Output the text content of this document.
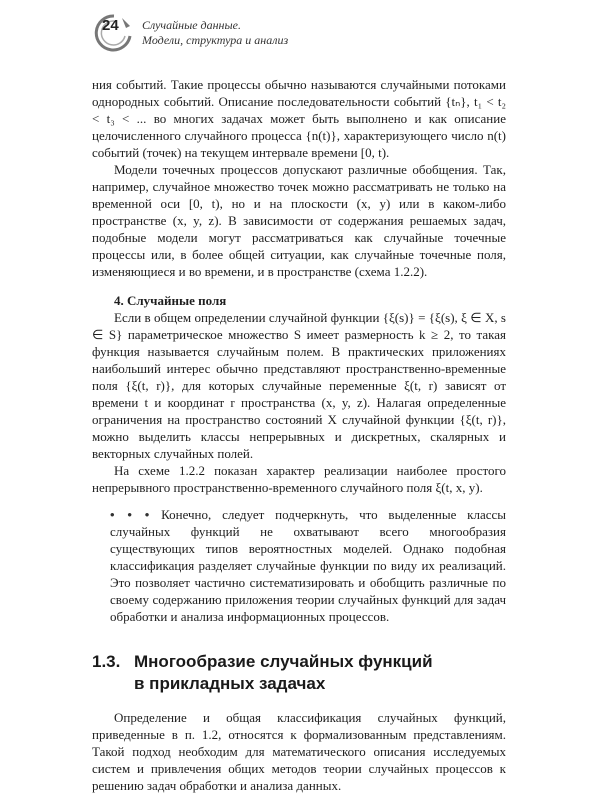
24 Случайные данные.
Модели, структура и анализ

ния событий. Такие процессы обычно называются случайными потоками однородных событий. Описание последовательности событий {tₙ}, t₁ < t₂ < t₃ < ... во многих задачах может быть выполнено и как описание целочисленного случайного процесса {n(t)}, характеризующего число n(t) событий (точек) на текущем интервале времени [0, t).

Модели точечных процессов допускают различные обобщения. Так, например, случайное множество точек можно рассматривать не только на временной оси [0, t), но и на плоскости (x, y) или в каком-либо пространстве (x, y, z). В зависимости от содержания решаемых задач, подобные модели могут рассматриваться как случайные точечные процессы или, в более общей ситуации, как случайные точечные поля, изменяющиеся и во времени, и в пространстве (схема 1.2.2).

4. Случайные поля

Если в общем определении случайной функции {ξ(s)} = {ξ(s), ξ ∈ X, s ∈ S} параметрическое множество S имеет размерность k ≥ 2, то такая функция называется случайным полем. В практических приложениях наибольший интерес обычно представляют пространственно-временные поля {ξ(t, r)}, для которых случайные переменные ξ(t, r) зависят от времени t и координат r пространства (x, y, z). Налагая определенные ограничения на пространство состояний X случайной функции {ξ(t, r)}, можно выделить классы непрерывных и дискретных, скалярных и векторных случайных полей.

На схеме 1.2.2 показан характер реализации наиболее простого непрерывного пространственно-временного случайного поля ξ(t, x, y).

• • • Конечно, следует подчеркнуть, что выделенные классы случайных функций не охватывают всего многообразия существующих типов вероятностных моделей. Однако подобная классификация разделяет случайные функции по виду их реализаций. Это позволяет частично систематизировать и обобщить различные по своему содержанию приложения теории случайных функций для задач обработки и анализа информационных процессов.

1.3. Многообразие случайных функций
в прикладных задачах

Определение и общая классификация случайных функций, приведенные в п. 1.2, относятся к формализованным представлениям. Такой подход необходим для математического описания исследуемых систем и привлечения общих методов теории случайных процессов к решению задач обработки и анализа данных.
